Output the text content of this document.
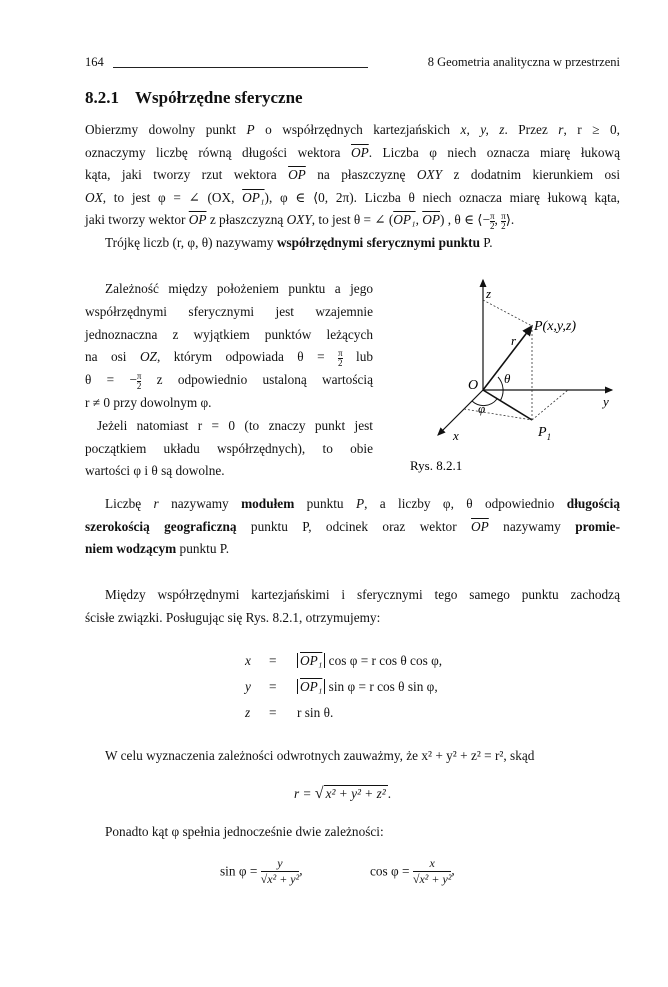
164	8 Geometria analityczna w przestrzeni
8.2.1 Współrzędne sferyczne
Obierzmy dowolny punkt P o współrzędnych kartezjańskich x, y, z. Przez r, r ≥ 0,
oznaczymy liczbę równą długości wektora $\overline{OP}$. Liczba φ niech oznacza miarę łukową
kąta, jaki tworzy rzut wektora $\overline{OP}$ na płaszczyznę OXY z dodatnim kierunkiem osi
OX, to jest φ = ∠ (OX, OP₁), φ ∈ ⟨0, 2π). Liczba θ niech oznacza miarę łukową kąta,
jaki tworzy wektor $\overline{OP}$ z płaszczyzną OXY, to jest θ = ∠ (OP₁, $\overline{OP}$) , θ ∈ ⟨− $\frac{\pi}{2}$ , $\frac{\pi}{2}$ ⟩.
Trójkę liczb (r, φ, θ) nazywamy współrzędnymi sferycznymi punktu P.
Zależność między położeniem punktu a jego
współrzędnymi sferycznymi jest wzajemnie
jednoznaczna z wyjątkiem punktów leżących
na osi OZ, którym odpowiada $\theta = \frac{\pi}{2}$ lub
θ = − $\frac{\pi}{2}$ z odpowiednio ustaloną wartością
r ≠ 0 przy dowolnym φ.
Jeżeli natomiast r = 0 (to znaczy punkt jest
początkiem układu współrzędnych), to obie
wartości φ i θ są dowolne.
z
P(x,y,z)
r
O θ
φ	y
x	$P_1$
Rys. 8.2.1
Liczbę r nazywamy modułem punktu P, a liczby φ, θ odpowiednio długością
szerokością geograficzną punktu P, odcinek oraz wektor $\overline{OP}$ nazywamy promie-
niem wodzącym punktu P.
Między współrzędnymi kartezjańskimi i sferycznymi tego samego punktu zachodzą
ścisłe związki. Posługując się Rys. 8.2.1, otrzymujemy:
x = OP₁ cos φ = r cos θ cos φ,
y = OP₁ sin φ = r cos θ sin φ,
z = r sin θ.
W celu wyznaczenia zależności odwrotnych zauważmy, że x² + y² + z² = r², skąd
r = √ x² + y² + z² .
Ponadto kąt φ spełnia jednocześnie dwie zależności:
$\sin \varphi = \frac{y}{\text{√x² + y²}}$ ,	$\cos \varphi = \frac{x}{\text{√x² + y²}}$ ,
